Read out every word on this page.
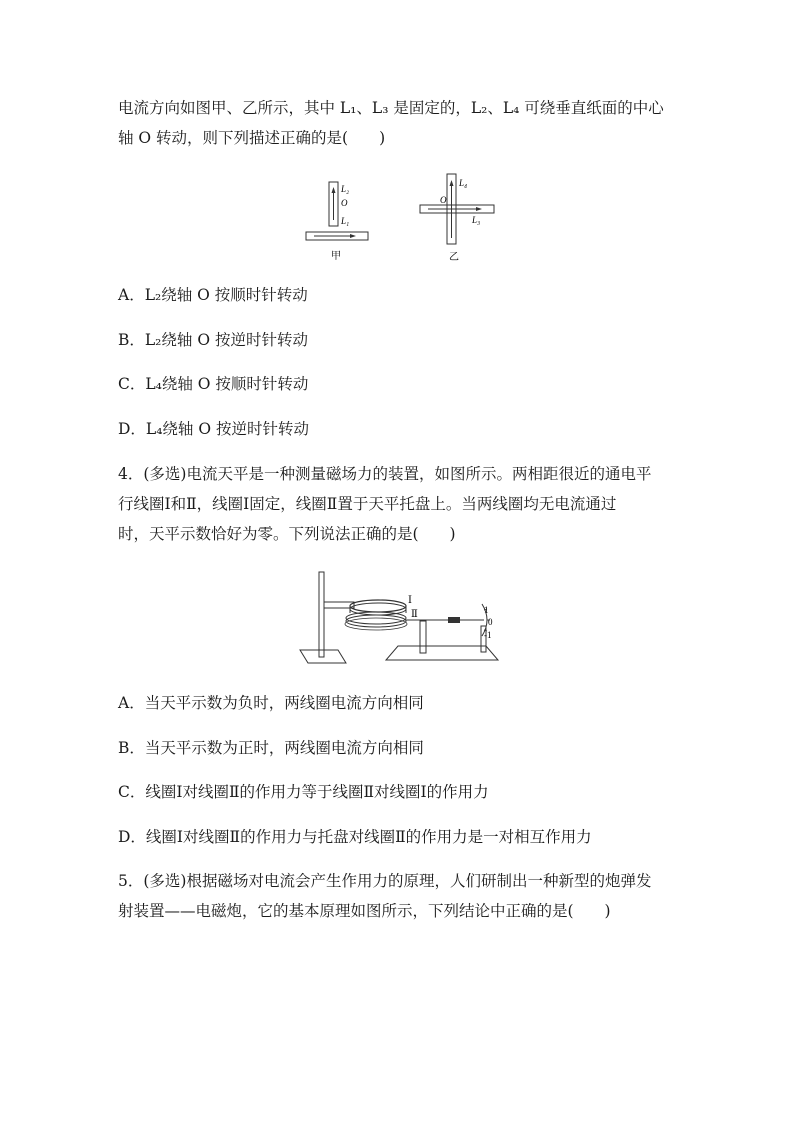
电流方向如图甲、乙所示，其中 L₁、L₃ 是固定的，L₂、L₄ 可绕垂直纸面的中心
轴 O 转动，则下列描述正确的是(　　)
L₂
O
L₁
甲
L₄
O
L₃
乙
A．L₂绕轴 O 按顺时针转动
B．L₂绕轴 O 按逆时针转动
C．L₄绕轴 O 按顺时针转动
D．L₄绕轴 O 按逆时针转动
4．(多选)电流天平是一种测量磁场力的装置，如图所示。两相距很近的通电平
行线圈Ⅰ和Ⅱ，线圈Ⅰ固定，线圈Ⅱ置于天平托盘上。当两线圈均无电流通过
时，天平示数恰好为零。下列说法正确的是(　　)
Ⅰ
Ⅱ	1
0
-1
A．当天平示数为负时，两线圈电流方向相同
B．当天平示数为正时，两线圈电流方向相同
C．线圈Ⅰ对线圈Ⅱ的作用力等于线圈Ⅱ对线圈Ⅰ的作用力
D．线圈Ⅰ对线圈Ⅱ的作用力与托盘对线圈Ⅱ的作用力是一对相互作用力
5．(多选)根据磁场对电流会产生作用力的原理，人们研制出一种新型的炮弹发
射装置——电磁炮，它的基本原理如图所示，下列结论中正确的是(　　)
